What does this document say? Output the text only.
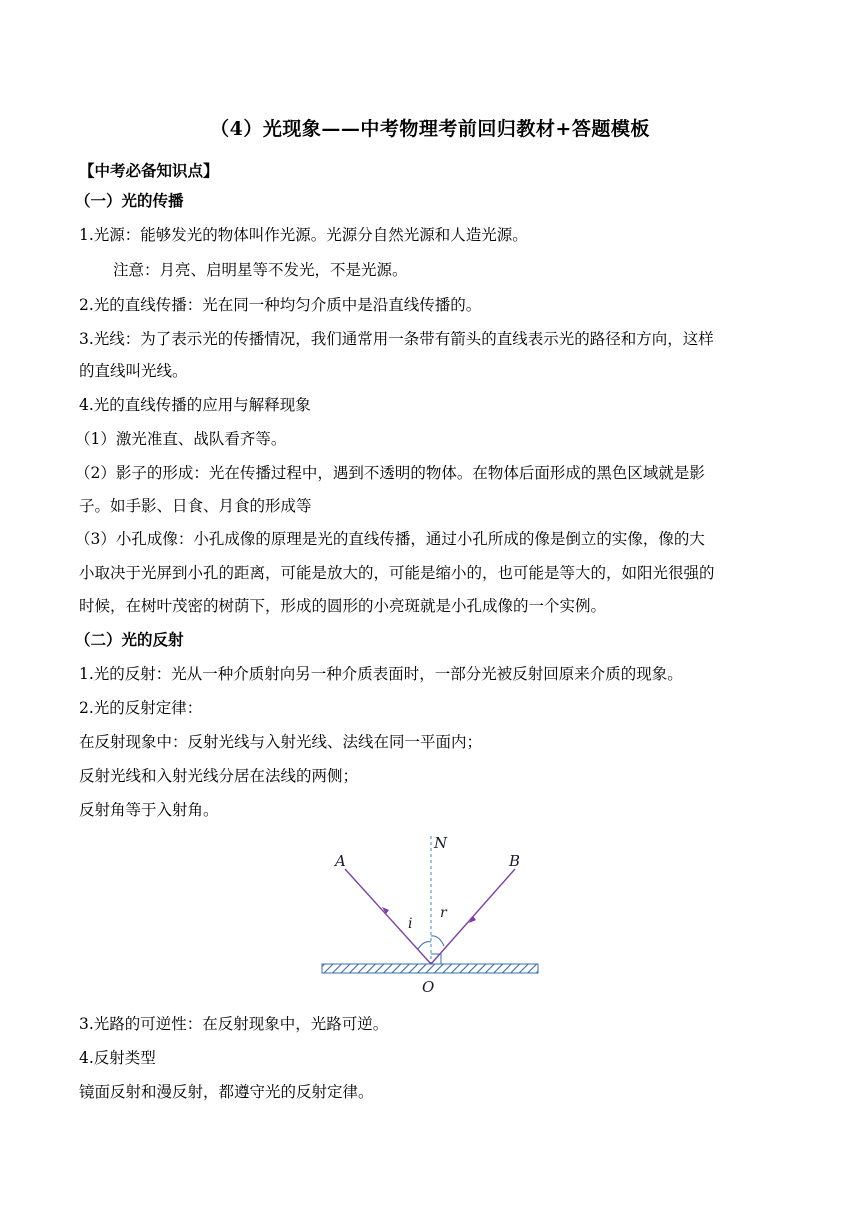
（4）光现象——中考物理考前回归教材+答题模板
【中考必备知识点】
（一）光的传播
1.光源：能够发光的物体叫作光源。光源分自然光源和人造光源。
注意：月亮、启明星等不发光，不是光源。
2.光的直线传播：光在同一种均匀介质中是沿直线传播的。
3.光线：为了表示光的传播情况，我们通常用一条带有箭头的直线表示光的路径和方向，这样
的直线叫光线。
4.光的直线传播的应用与解释现象
（1）激光准直、战队看齐等。
（2）影子的形成：光在传播过程中，遇到不透明的物体。在物体后面形成的黑色区域就是影
子。如手影、日食、月食的形成等
（3）小孔成像：小孔成像的原理是光的直线传播，通过小孔所成的像是倒立的实像，像的大
小取决于光屏到小孔的距离，可能是放大的，可能是缩小的，也可能是等大的，如阳光很强的
时候，在树叶茂密的树荫下，形成的圆形的小亮斑就是小孔成像的一个实例。
（二）光的反射
1.光的反射：光从一种介质射向另一种介质表面时，一部分光被反射回原来介质的现象。
2.光的反射定律：
在反射现象中：反射光线与入射光线、法线在同一平面内；
反射光线和入射光线分居在法线的两侧；
反射角等于入射角。
A	B
N
O
i
r
3.光路的可逆性：在反射现象中，光路可逆。
4.反射类型
镜面反射和漫反射，都遵守光的反射定律。
